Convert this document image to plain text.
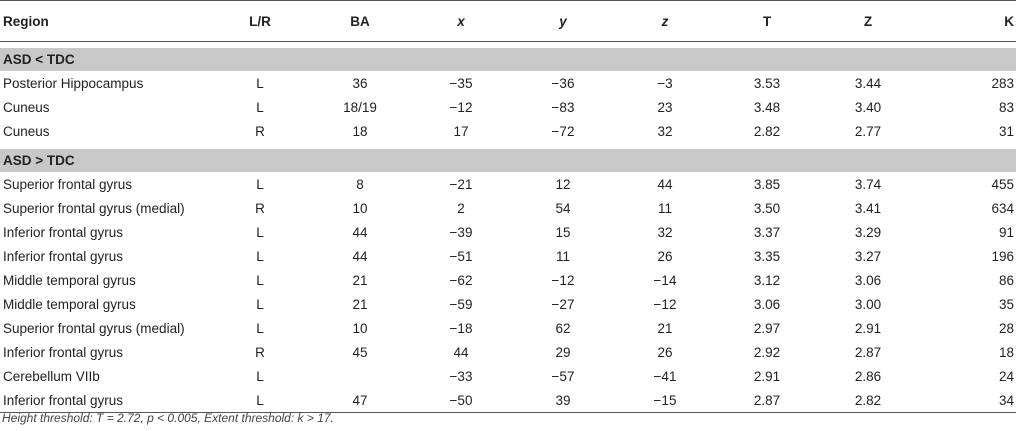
Region	L/R	BA	x	y	z	T	Z	K

ASD < TDC								
Posterior Hippocampus	L	36	−35	−36	−3	3.53	3.44	283
Cuneus	L	18/19	−12	−83	23	3.48	3.40	83
Cuneus	R	18	17	−72	32	2.82	2.77	31

ASD > TDC								
Superior frontal gyrus	L	8	−21	12	44	3.85	3.74	455
Superior frontal gyrus (medial)	R	10	2	54	11	3.50	3.41	634
Inferior frontal gyrus	L	44	−39	15	32	3.37	3.29	91
Inferior frontal gyrus	L	44	−51	11	26	3.35	3.27	196
Middle temporal gyrus	L	21	−62	−12	−14	3.12	3.06	86
Middle temporal gyrus	L	21	−59	−27	−12	3.06	3.00	35
Superior frontal gyrus (medial)	L	10	−18	62	21	2.97	2.91	28
Inferior frontal gyrus	R	45	44	29	26	2.92	2.87	18
Cerebellum VIIb	L		−33	−57	−41	2.91	2.86	24
Inferior frontal gyrus	L	47	−50	39	−15	2.87	2.82	34
Height threshold: T = 2.72, p < 0.005, Extent threshold: k > 17.
